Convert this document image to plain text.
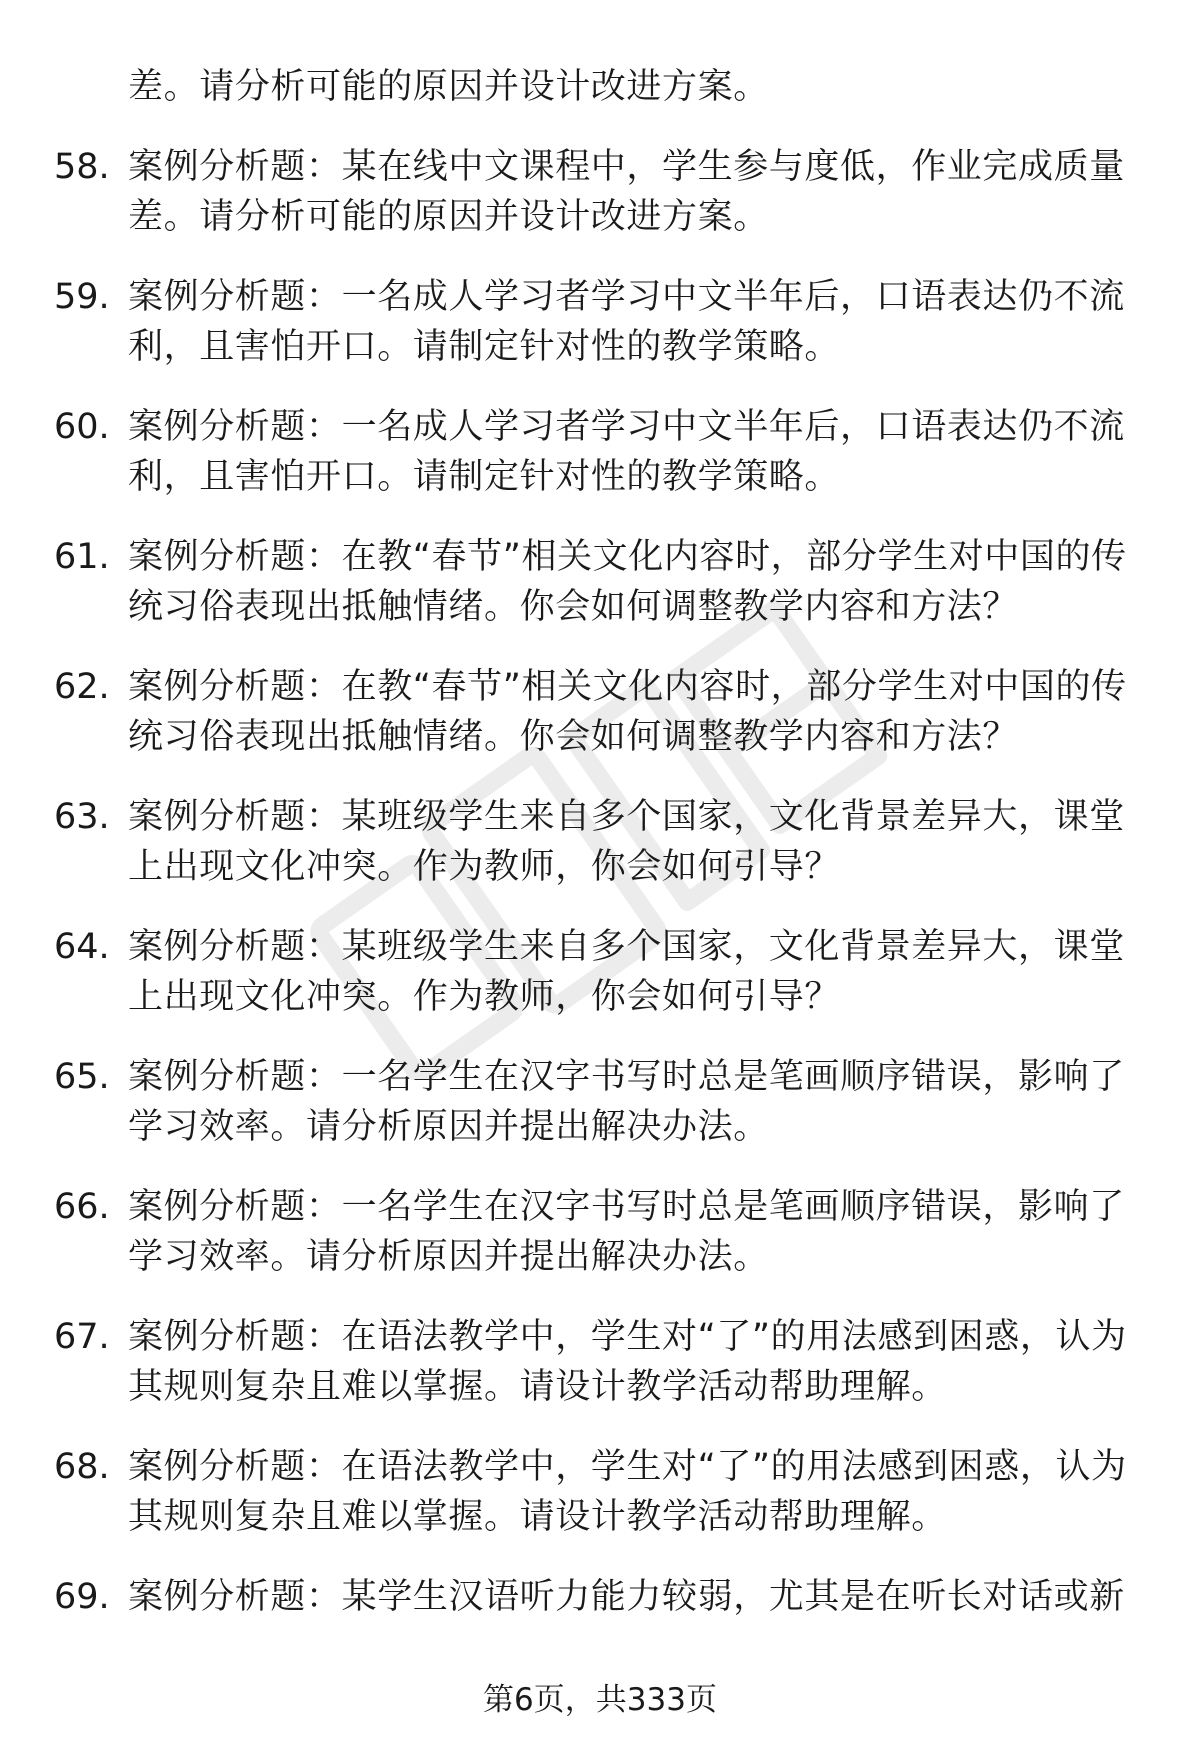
差。请分析可能的原因并设计改进方案。
58. 案例分析题：某在线中文课程中，学生参与度低，作业完成质量差。请分析可能的原因并设计改进方案。
59. 案例分析题：一名成人学习者学习中文半年后，口语表达仍不流利，且害怕开口。请制定针对性的教学策略。
60. 案例分析题：一名成人学习者学习中文半年后，口语表达仍不流利，且害怕开口。请制定针对性的教学策略。
61. 案例分析题：在教“春节”相关文化内容时，部分学生对中国的传统习俗表现出抵触情绪。你会如何调整教学内容和方法？
62. 案例分析题：在教“春节”相关文化内容时，部分学生对中国的传统习俗表现出抵触情绪。你会如何调整教学内容和方法？
63. 案例分析题：某班级学生来自多个国家，文化背景差异大，课堂上出现文化冲突。作为教师，你会如何引导？
64. 案例分析题：某班级学生来自多个国家，文化背景差异大，课堂上出现文化冲突。作为教师，你会如何引导？
65. 案例分析题：一名学生在汉字书写时总是笔画顺序错误，影响了学习效率。请分析原因并提出解决办法。
66. 案例分析题：一名学生在汉字书写时总是笔画顺序错误，影响了学习效率。请分析原因并提出解决办法。
67. 案例分析题：在语法教学中，学生对“了”的用法感到困惑，认为其规则复杂且难以掌握。请设计教学活动帮助理解。
68. 案例分析题：在语法教学中，学生对“了”的用法感到困惑，认为其规则复杂且难以掌握。请设计教学活动帮助理解。
69. 案例分析题：某学生汉语听力能力较弱，尤其是在听长对话或新
第6页，共333页
